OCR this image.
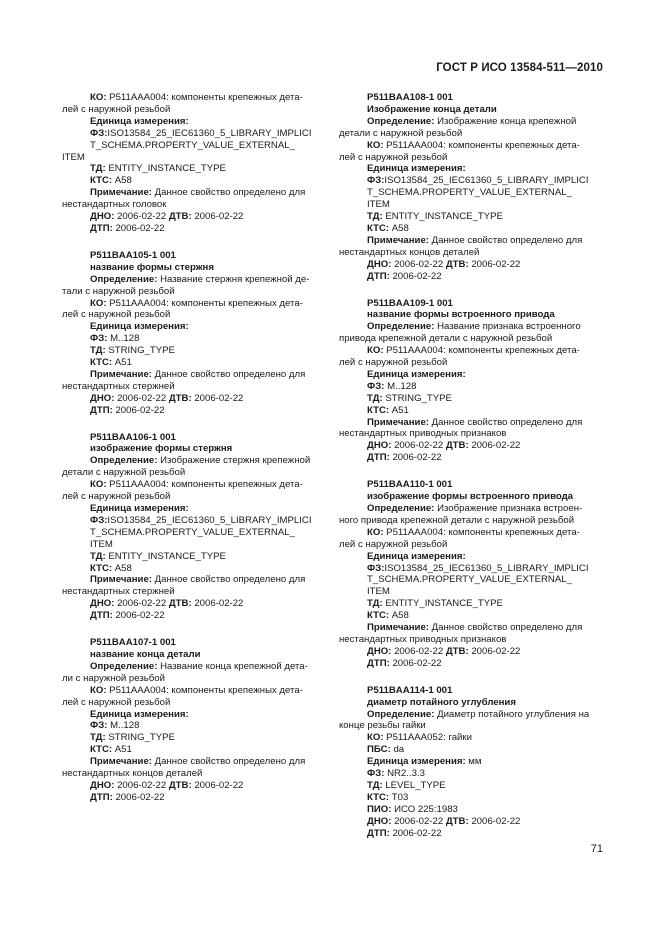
ГОСТ Р ИСО 13584-511—2010
КО: P511AAA004: компоненты крепежных дета-
лей с наружной резьбой
Единица измерения:
ФЗ:ISO13584_25_IEC61360_5_LIBRARY_IMPLICI
T_SCHEMA.PROPERTY_VALUE_EXTERNAL_
ITEM
ТД: ENTITY_INSTANCE_TYPE
КТС: A58
Примечание: Данное свойство определено для
нестандартных головок
ДНО: 2006-02-22 ДТВ: 2006-02-22
ДТП: 2006-02-22
P511BAA105-1 001
название формы стержня
Определение: Название стержня крепежной де-
тали с наружной резьбой
КО: P511AAA004: компоненты крепежных дета-
лей с наружной резьбой
Единица измерения:
ФЗ: M..128
ТД: STRING_TYPE
КТС: A51
Примечание: Данное свойство определено для
нестандартных стержней
ДНО: 2006-02-22 ДТВ: 2006-02-22
ДТП: 2006-02-22
P511BAA106-1 001
изображение формы стержня
Определение: Изображение стержня крепежной
детали с наружной резьбой
КО: P511AAA004: компоненты крепежных дета-
лей с наружной резьбой
Единица измерения:
ФЗ:ISO13584_25_IEC61360_5_LIBRARY_IMPLICI
T_SCHEMA.PROPERTY_VALUE_EXTERNAL_
ITEM
ТД: ENTITY_INSTANCE_TYPE
КТС: A58
Примечание: Данное свойство определено для
нестандартных стержней
ДНО: 2006-02-22 ДТВ: 2006-02-22
ДТП: 2006-02-22
P511BAA107-1 001
название конца детали
Определение: Название конца крепежной дета-
ли с наружной резьбой
КО: P511AAA004: компоненты крепежных дета-
лей с наружной резьбой
Единица измерения:
ФЗ: M..128
ТД: STRING_TYPE
КТС: A51
Примечание: Данное свойство определено для
нестандартных концов деталей
ДНО: 2006-02-22 ДТВ: 2006-02-22
ДТП: 2006-02-22
P511BAA108-1 001
Изображение конца детали
Определение: Изображение конца крепежной
детали с наружной резьбой
КО: P511AAA004: компоненты крепежных дета-
лей с наружной резьбой
Единица измерения:
ФЗ:ISO13584_25_IEC61360_5_LIBRARY_IMPLICI
T_SCHEMA.PROPERTY_VALUE_EXTERNAL_
ITEM
ТД: ENTITY_INSTANCE_TYPE
КТС: A58
Примечание: Данное свойство определено для
нестандартных концов деталей
ДНО: 2006-02-22 ДТВ: 2006-02-22
ДТП: 2006-02-22
P511BAA109-1 001
название формы встроенного привода
Определение: Название признака встроенного
привода крепежной детали с наружной резьбой
КО: P511AAA004: компоненты крепежных дета-
лей с наружной резьбой
Единица измерения:
ФЗ: M..128
ТД: STRING_TYPE
КТС: A51
Примечание: Данное свойство определено для
нестандартных приводных признаков
ДНО: 2006-02-22 ДТВ: 2006-02-22
ДТП: 2006-02-22
P511BAA110-1 001
изображение формы встроенного привода
Определение: Изображение признака встроен-
ного привода крепежной детали с наружной резьбой
КО: P511AAA004: компоненты крепежных дета-
лей с наружной резьбой
Единица измерения:
ФЗ:ISO13584_25_IEC61360_5_LIBRARY_IMPLICI
T_SCHEMA.PROPERTY_VALUE_EXTERNAL_
ITEM
ТД: ENTITY_INSTANCE_TYPE
КТС: A58
Примечание: Данное свойство определено для
нестандартных приводных признаков
ДНО: 2006-02-22 ДТВ: 2006-02-22
ДТП: 2006-02-22
P511BAA114-1 001
диаметр потайного углубления
Определение: Диаметр потайного углубления на
конце резьбы гайки
КО: P511AAA052: гайки
ПБС: da
Единица измерения: мм
ФЗ: NR2..3.3
ТД: LEVEL_TYPE
КТС: T03
ПИО: ИСО 225:1983
ДНО: 2006-02-22 ДТВ: 2006-02-22
ДТП: 2006-02-22
71
